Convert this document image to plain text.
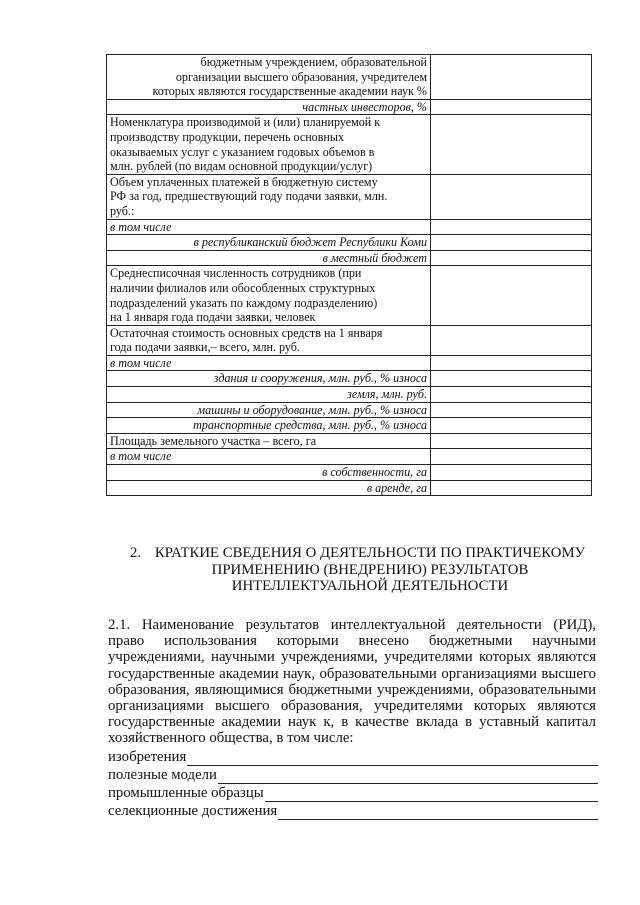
бюджетным учреждением, образовательной
организации высшего образования, учредителем
которых являются государственные академии наук %	

частных инвесторов, %	

Номенклатура производимой и (или) планируемой к
производству продукции, перечень основных
оказываемых услуг с указанием годовых объемов в
млн. рублей (по видам основной продукции/услуг)	

Объем уплаченных платежей в бюджетную систему
РФ за год, предшествующий году подачи заявки, млн.
руб.:	

в том числе	

в республиканский бюджет Республики Коми	

в местный бюджет	

Среднесписочная численность сотрудников (при
наличии филиалов или обособленных структурных
подразделений указать по каждому подразделению)
на 1 января года подачи заявки, человек	

Остаточная стоимость основных средств на 1 января
года подачи заявки,– всего, млн. руб.	

в том числе	

здания и сооружения, млн. руб., % износа	

земля, млн. руб.	

машины и оборудование, млн. руб., % износа	

транспортные средства, млн. руб., % износа	

Площадь земельного участка – всего, га	

в том числе	

в собственности, га	

в аренде, га	

2. КРАТКИЕ СВЕДЕНИЯ О ДЕЯТЕЛЬНОСТИ ПО ПРАКТИЧЕКОМУ
ПРИМЕНЕНИЮ (ВНЕДРЕНИЮ) РЕЗУЛЬТАТОВ
ИНТЕЛЛЕКТУАЛЬНОЙ ДЕЯТЕЛЬНОСТИ
2.1. Наименование результатов интеллектуальной деятельности (РИД),
право использования которыми внесено бюджетными научными
учреждениями, научными учреждениями, учредителями которых являются
государственные академии наук, образовательными организациями высшего
образования, являющимися бюджетными учреждениями, образовательными
организациями высшего образования, учредителями которых являются
государственные академии наук к, в качестве вклада в уставный капитал
хозяйственного общества, в том числе:
изобретения
полезные модели
промышленные образцы
селекционные достижения
